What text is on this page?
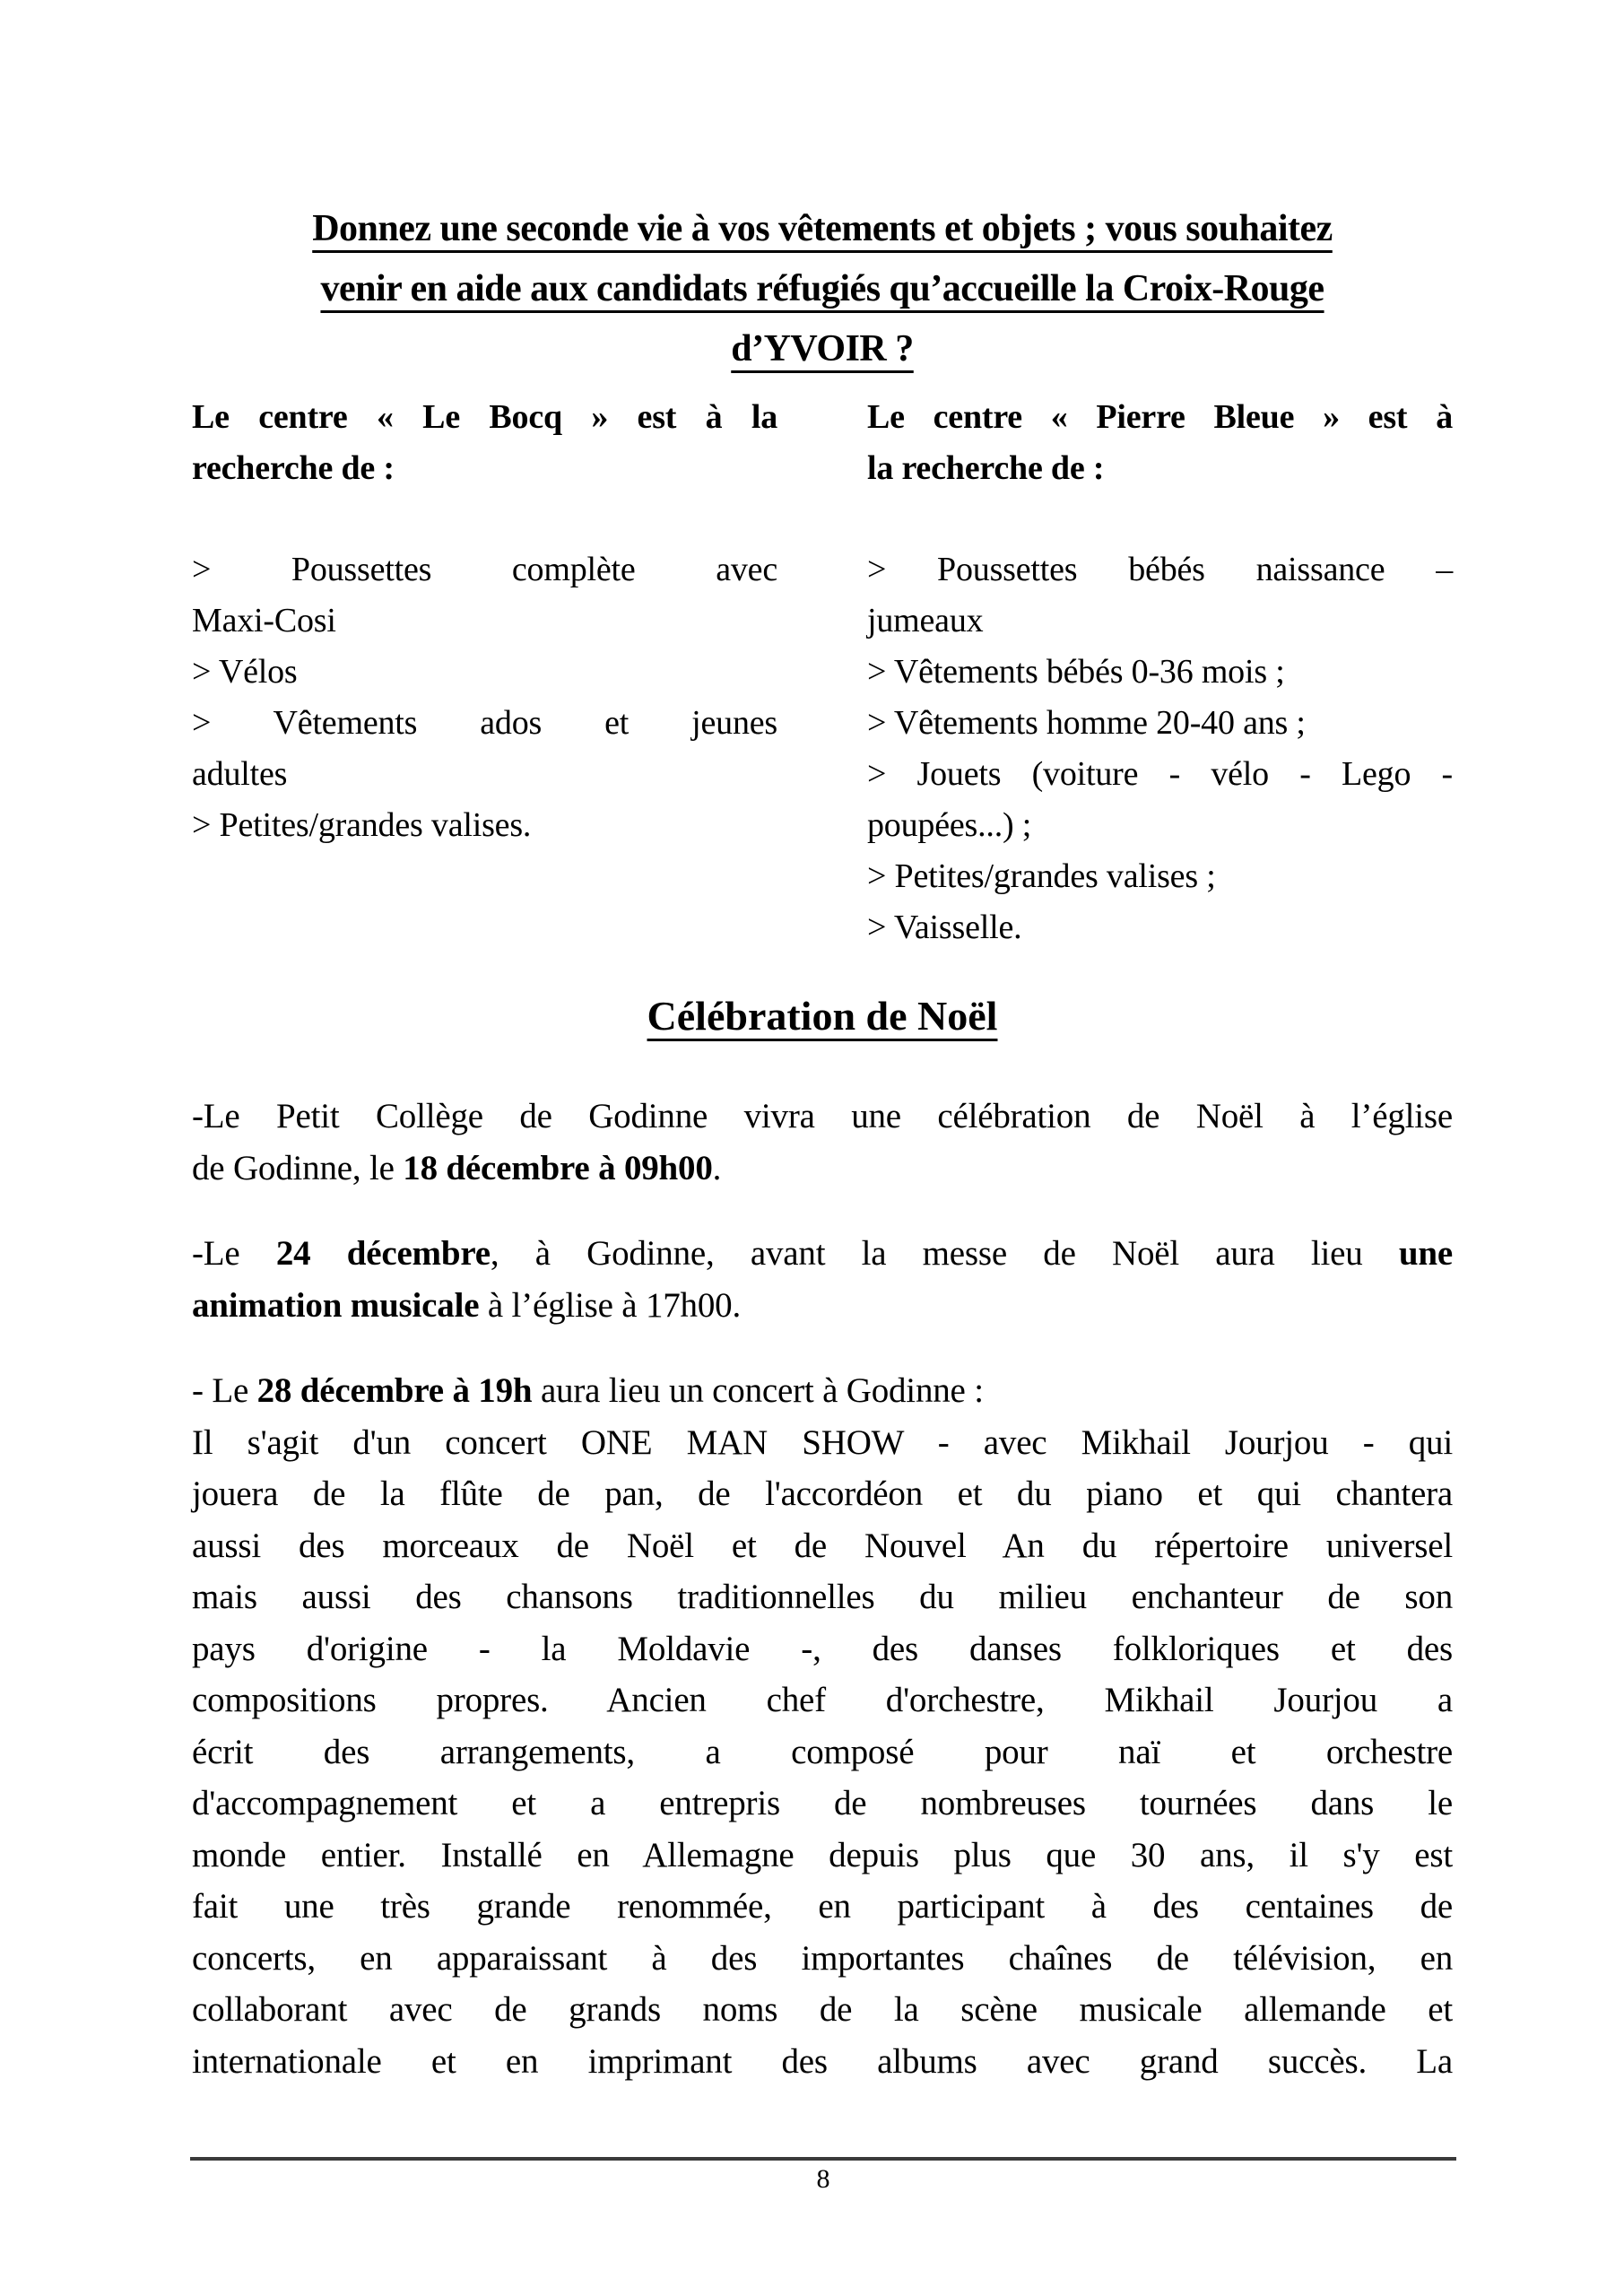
Donnez une seconde vie à vos vêtements et objets ; vous souhaitez
venir en aide aux candidats réfugiés qu’accueille la Croix-Rouge
d’YVOIR ?
Le centre « Le Bocq » est à la
recherche de :
> Poussettes complète avec
Maxi-Cosi
> Vélos
> Vêtements ados et jeunes
adultes
> Petites/grandes valises.
Le centre « Pierre Bleue » est à
la recherche de :
> Poussettes bébés naissance –
jumeaux
> Vêtements bébés 0-36 mois ;
> Vêtements homme 20-40 ans ;
> Jouets (voiture - vélo - Lego -
poupées...) ;
> Petites/grandes valises ;
> Vaisselle.
Célébration de Noël
-Le Petit Collège de Godinne vivra une célébration de Noël à l’église
de Godinne, le 18 décembre à 09h00.
-Le 24 décembre, à Godinne, avant la messe de Noël aura lieu une
animation musicale à l’église à 17h00.
- Le 28 décembre à 19h aura lieu un concert à Godinne :
Il s'agit d'un concert ONE MAN SHOW - avec Mikhail Jourjou - qui
jouera de la flûte de pan, de l'accordéon et du piano et qui chantera
aussi des morceaux de Noël et de Nouvel An du répertoire universel
mais aussi des chansons traditionnelles du milieu enchanteur de son
pays d'origine - la Moldavie -, des danses folkloriques et des
compositions propres. Ancien chef d'orchestre, Mikhail Jourjou a
écrit des arrangements, a composé pour naï et orchestre
d'accompagnement et a entrepris de nombreuses tournées dans le
monde entier. Installé en Allemagne depuis plus que 30 ans, il s'y est
fait une très grande renommée, en participant à des centaines de
concerts, en apparaissant à des importantes chaînes de télévision, en
collaborant avec de grands noms de la scène musicale allemande et
internationale et en imprimant des albums avec grand succès. La
8
